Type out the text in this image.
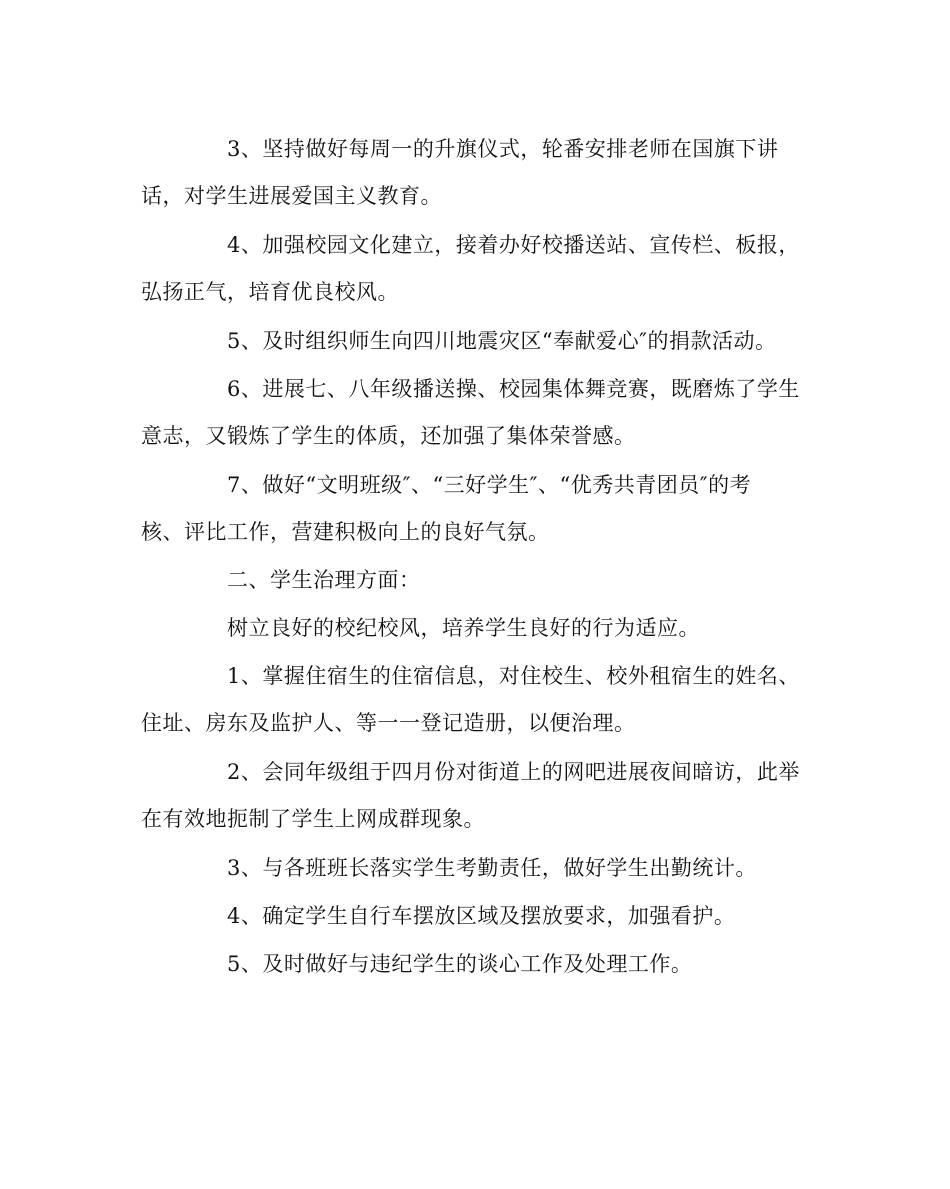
3、坚持做好每周一的升旗仪式，轮番安排老师在国旗下讲
话，对学生进展爱国主义教育。

4、加强校园文化建立，接着办好校播送站、宣传栏、板报，
弘扬正气，培育优良校风。

5、及时组织师生向四川地震灾区“奉献爱心″的捐款活动。

6、进展七、八年级播送操、校园集体舞竞赛，既磨炼了学生
意志，又锻炼了学生的体质，还加强了集体荣誉感。

7、做好“文明班级″、“三好学生″、“优秀共青团员″的考
核、评比工作，营建积极向上的良好气氛。

二、学生治理方面：

树立良好的校纪校风，培养学生良好的行为适应。

1、掌握住宿生的住宿信息，对住校生、校外租宿生的姓名、
住址、房东及监护人、等一一登记造册，以便治理。

2、会同年级组于四月份对街道上的网吧进展夜间暗访，此举
在有效地扼制了学生上网成群现象。

3、与各班班长落实学生考勤责任，做好学生出勤统计。

4、确定学生自行车摆放区域及摆放要求，加强看护。

5、及时做好与违纪学生的谈心工作及处理工作。
